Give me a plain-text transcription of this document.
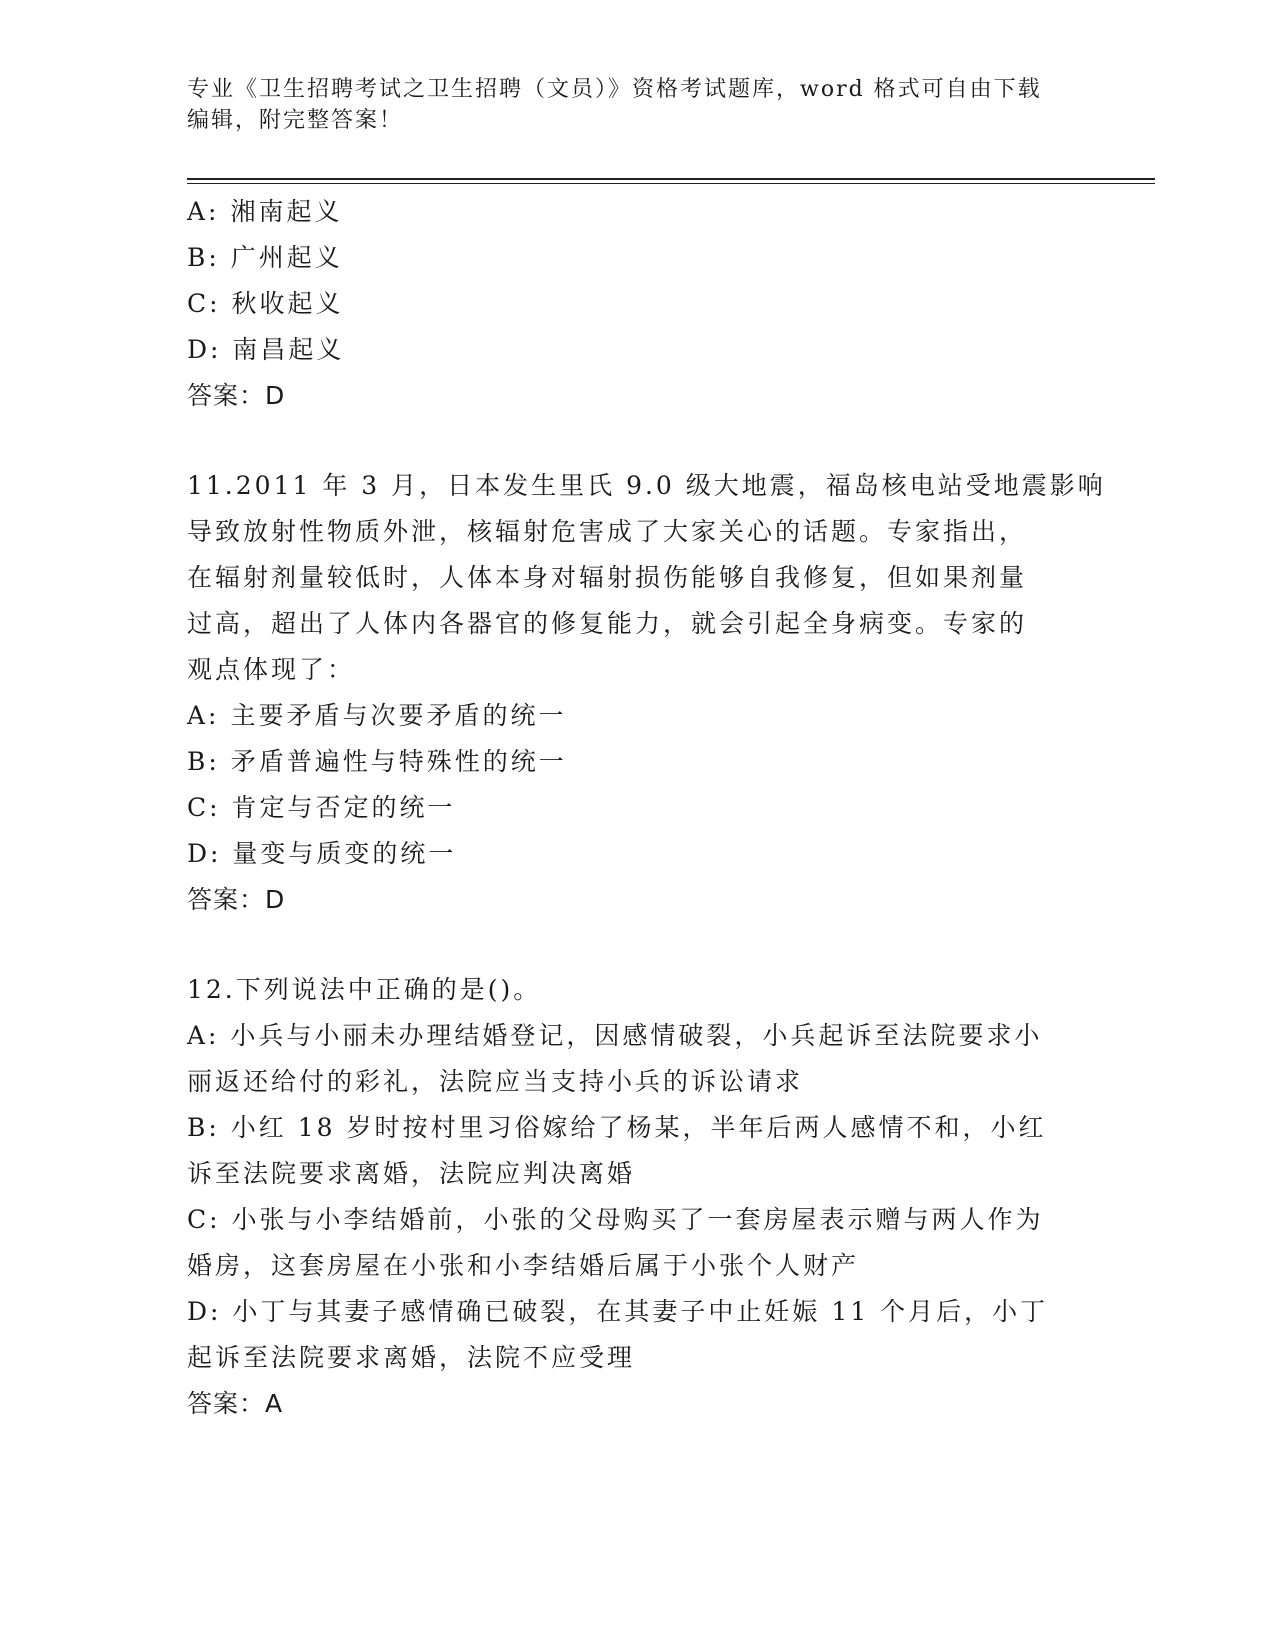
专业《卫生招聘考试之卫生招聘（文员）》资格考试题库，word 格式可自由下载
编辑，附完整答案！
A: 湘南起义
B: 广州起义
C: 秋收起义
D: 南昌起义
答案：D
11.2011 年 3 月，日本发生里氏 9.0 级大地震，福岛核电站受地震影响
导致放射性物质外泄，核辐射危害成了大家关心的话题。专家指出，
在辐射剂量较低时，人体本身对辐射损伤能够自我修复，但如果剂量
过高，超出了人体内各器官的修复能力，就会引起全身病变。专家的
观点体现了：
A: 主要矛盾与次要矛盾的统一
B: 矛盾普遍性与特殊性的统一
C: 肯定与否定的统一
D: 量变与质变的统一
答案：D
12.下列说法中正确的是()。
A: 小兵与小丽未办理结婚登记，因感情破裂，小兵起诉至法院要求小
丽返还给付的彩礼，法院应当支持小兵的诉讼请求
B: 小红 18 岁时按村里习俗嫁给了杨某，半年后两人感情不和，小红
诉至法院要求离婚，法院应判决离婚
C: 小张与小李结婚前，小张的父母购买了一套房屋表示赠与两人作为
婚房，这套房屋在小张和小李结婚后属于小张个人财产
D: 小丁与其妻子感情确已破裂，在其妻子中止妊娠 11 个月后，小丁
起诉至法院要求离婚，法院不应受理
答案：A
